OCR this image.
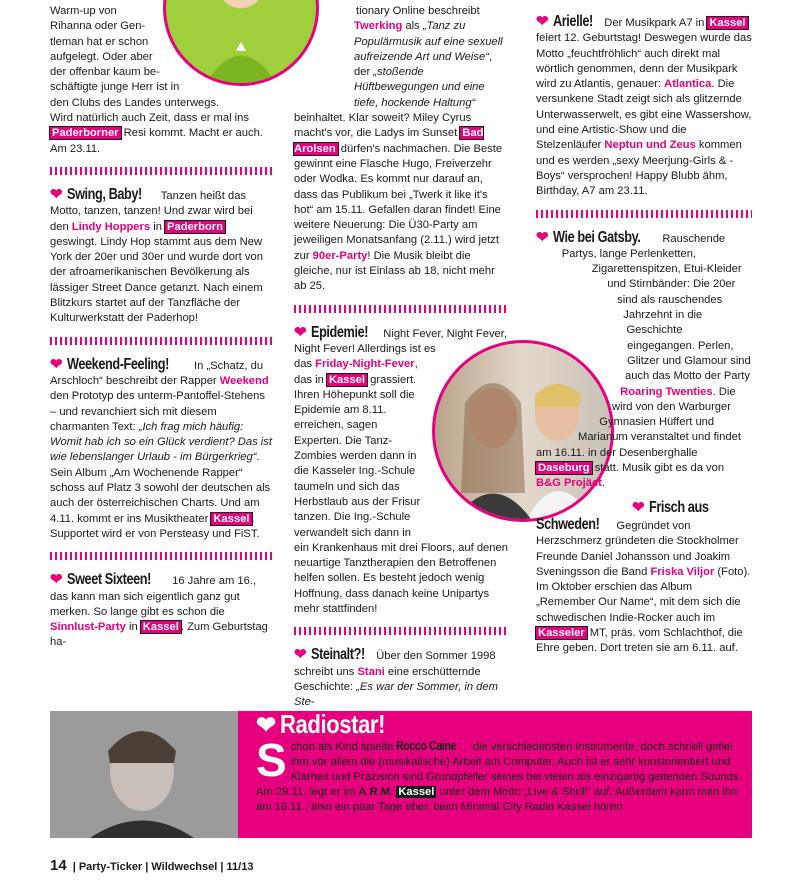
Warm-up von

Rihanna oder Gen-

tleman hat er schon

aufgelegt. Oder aber

der offenbar kaum be-

schäftigte junge Herr ist in

den Clubs des Landes unterwegs.

Wird natürlich auch Zeit, dass er mal ins

Paderborner Resi kommt. Macht er auch. Am 23.11.

❤ Swing, Baby! Tanzen heißt das Motto, tanzen, tanzen! Und zwar wird bei den Lindy Hoppers in Paderborn geswingt. Lindy Hop stammt aus dem New York der 20er und 30er und wurde dort von der afroamerikanischen Bevölkerung als lässiger Street Dance getanzt. Nach einem Blitzkurs startet auf der Tanzfläche der Kulturwerkstatt der Paderhop!

❤ Weekend-Feeling! In „Schatz, du Arschloch“ beschreibt der Rapper Weekend den Prototyp des unterm-Pantoffel-Stehens – und revanchiert sich mit diesem charmanten Text: „Ich frag mich häufig: Womit hab ich so ein Glück verdient? Das ist wie lebenslanger Urlaub - im Bürgerkrieg“. Sein Album „Am Wochenende Rapper“ schoss auf Platz 3 sowohl der deutschen als auch der österreichischen Charts. Und am 4.11. kommt er ins Musiktheater Kassel . Supportet wird er von Persteasy und FiST.

❤ Sweet Sixteen! 16 Jahre am 16., das kann man sich eigentlich ganz gut merken. So lange gibt es schon die Sinnlust-Party in Kassel . Zum Geburtstag ha-

tionary Online beschreibt

Twerking als „Tanz zu Populärmusik auf eine sexuell aufreizende Art und Weise“, der „stoßende Hüftbewegungen und eine tiefe, hockende Haltung“

beinhaltet. Klar soweit? Miley Cyrus macht's vor, die Ladys im Sunset Bad Arolsen dürfen's nachmachen. Die Beste gewinnt eine Flasche Hugo, Freiverzehr oder Wodka. Es kommt nur darauf an, dass das Publikum bei „Twerk it like it's hot“ am 15.11. Gefallen daran findet! Eine weitere Neuerung: Die Ü30-Party am jeweiligen Monatsanfang (2.11.) wird jetzt zur 90er-Party! Die Musik bleibt die gleiche, nur ist Einlass ab 18, nicht mehr ab 25.

❤ Epidemie! Night Fever, Night Fever, Night Fever! Allerdings ist es das Friday-Night-Fever, das in Kassel grassiert. Ihren Höhepunkt soll die Epidemie am 8.11. erreichen, sagen Experten. Die Tanz-Zombies werden dann in die Kasseler Ing.-Schule taumeln und sich das Herbstlaub aus der Frisur tanzen. Die Ing.-Schule verwandelt sich dann in ein Krankenhaus mit drei Floors, auf denen neuartige Tanztherapien den Betroffenen helfen sollen. Es besteht jedoch wenig Hoffnung, dass danach keine Unipartys mehr stattfinden!

❤ Steinalt?! Über den Sommer 1998 schreibt uns Stani eine erschütternde Geschichte: „Es war der Sommer, in dem Ste-

❤ Arielle! Der Musikpark A7 in Kassel feiert 12. Geburtstag! Deswegen wurde das Motto „feuchtfröhlich“ auch direkt mal wörtlich genommen, denn der Musikpark wird zu Atlantis, genauer: Atlantica. Die versunkene Stadt zeigt sich als glitzernde Unterwasserwelt, es gibt eine Wassershow, und eine Artistic-Show und die Stelzenläufer Neptun und Zeus kommen und es werden „sexy Meerjung-Girls & -Boys“ versprochen! Happy Blubb ähm, Birthday, A7 am 23.11.

❤ Wie bei Gatsby. Rauschende Partys, lange Perlenketten, Zigarettenspitzen, Etui-Kleider und Stirnbänder: Die 20er sind als rauschendes Jahrzehnt in die Geschichte eingegangen. Perlen, Glitzer und Glamour sind auch das Motto der Party Roaring Twenties. Die wird von den Warburger Gymnasien Hüffert und Marianum veranstaltet und findet am 16.11. in der Desenberghalle Daseburg statt. Musik gibt es da von B&G Projäct.

❤ Frisch aus
Schweden! Gegründet von Herzschmerz gründeten die Stockholmer Freunde Daniel Johansson und Joakim Sveningsson die Band Friska Viljor (Foto). Im Oktober erschien das Album „Remember Our Name“, mit dem sich die schwedischen Indie-Rocker auch im Kasseler MT, präs. vom Schlachthof, die Ehre geben. Dort treten sie am 6.11. auf.

❤ Radiostar!
S chon als Kind spielte Rocco Caine die verschiedensten Instrumente, doch schnell gefiel ihm vor allem die (musikalische) Arbeit am Computer. Auch ist er sehr kunstorientiert und Klarheit und Präzision sind Grundpfeiler seines bei vielen als einzigartig geltenden Sounds. Am 29.11. legt er im A.R.M. Kassel unter dem Motto „Live & Shrill“ auf. Außerdem kann man ihn am 16.11., also ein paar Tage eher, beim Minimal City Radio Kassel hören.
14 | Party-Ticker | Wildwechsel | 11/13
